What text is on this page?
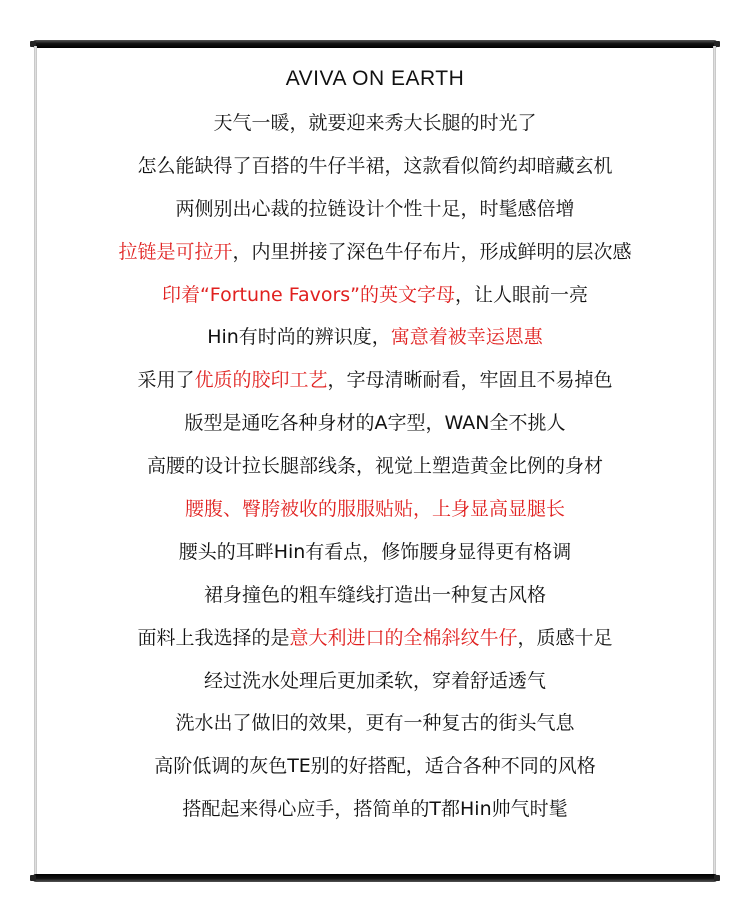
AVIVA ON EARTH
天气一暖，就要迎来秀大长腿的时光了
怎么能缺得了百搭的牛仔半裙，这款看似简约却暗藏玄机
两侧别出心裁的拉链设计个性十足，时髦感倍增
拉链是可拉开，内里拼接了深色牛仔布片，形成鲜明的层次感
印着“Fortune Favors”的英文字母，让人眼前一亮
Hin有时尚的辨识度，寓意着被幸运恩惠
采用了优质的胶印工艺，字母清晰耐看，牢固且不易掉色
版型是通吃各种身材的A字型，WAN全不挑人
高腰的设计拉长腿部线条，视觉上塑造黄金比例的身材
腰腹、臀胯被收的服服贴贴，上身显高显腿长
腰头的耳畔Hin有看点，修饰腰身显得更有格调
裙身撞色的粗车缝线打造出一种复古风格
面料上我选择的是意大利进口的全棉斜纹牛仔，质感十足
经过洗水处理后更加柔软，穿着舒适透气
洗水出了做旧的效果，更有一种复古的街头气息
高阶低调的灰色TE别的好搭配，适合各种不同的风格
搭配起来得心应手，搭简单的T都Hin帅气时髦
